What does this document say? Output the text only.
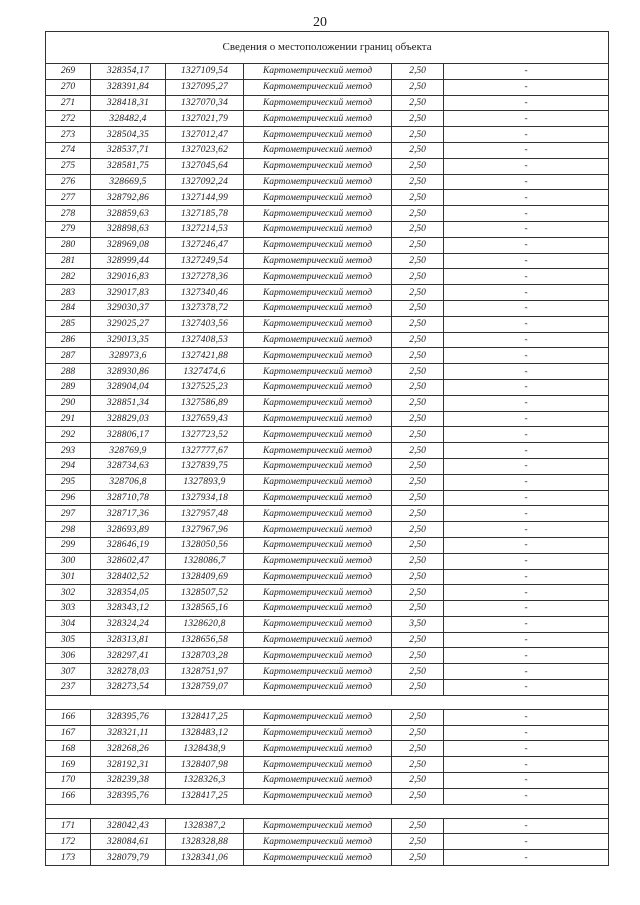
20
Сведения о местоположении границ объекта					
269	328354,17	1327109,54	Картометрический метод	2,50	-
270	328391,84	1327095,27	Картометрический метод	2,50	-
271	328418,31	1327070,34	Картометрический метод	2,50	-
272	328482,4	1327021,79	Картометрический метод	2,50	-
273	328504,35	1327012,47	Картометрический метод	2,50	-
274	328537,71	1327023,62	Картометрический метод	2,50	-
275	328581,75	1327045,64	Картометрический метод	2,50	-
276	328669,5	1327092,24	Картометрический метод	2,50	-
277	328792,86	1327144,99	Картометрический метод	2,50	-
278	328859,63	1327185,78	Картометрический метод	2,50	-
279	328898,63	1327214,53	Картометрический метод	2,50	-
280	328969,08	1327246,47	Картометрический метод	2,50	-
281	328999,44	1327249,54	Картометрический метод	2,50	-
282	329016,83	1327278,36	Картометрический метод	2,50	-
283	329017,83	1327340,46	Картометрический метод	2,50	-
284	329030,37	1327378,72	Картометрический метод	2,50	-
285	329025,27	1327403,56	Картометрический метод	2,50	-
286	329013,35	1327408,53	Картометрический метод	2,50	-
287	328973,6	1327421,88	Картометрический метод	2,50	-
288	328930,86	1327474,6	Картометрический метод	2,50	-
289	328904,04	1327525,23	Картометрический метод	2,50	-
290	328851,34	1327586,89	Картометрический метод	2,50	-
291	328829,03	1327659,43	Картометрический метод	2,50	-
292	328806,17	1327723,52	Картометрический метод	2,50	-
293	328769,9	1327777,67	Картометрический метод	2,50	-
294	328734,63	1327839,75	Картометрический метод	2,50	-
295	328706,8	1327893,9	Картометрический метод	2,50	-
296	328710,78	1327934,18	Картометрический метод	2,50	-
297	328717,36	1327957,48	Картометрический метод	2,50	-
298	328693,89	1327967,96	Картометрический метод	2,50	-
299	328646,19	1328050,56	Картометрический метод	2,50	-
300	328602,47	1328086,7	Картометрический метод	2,50	-
301	328402,52	1328409,69	Картометрический метод	2,50	-
302	328354,05	1328507,52	Картометрический метод	2,50	-
303	328343,12	1328565,16	Картометрический метод	2,50	-
304	328324,24	1328620,8	Картометрический метод	3,50	-
305	328313,81	1328656,58	Картометрический метод	2,50	-
306	328297,41	1328703,28	Картометрический метод	2,50	-
307	328278,03	1328751,97	Картометрический метод	2,50	-
237	328273,54	1328759,07	Картометрический метод	2,50	-

166	328395,76	1328417,25	Картометрический метод	2,50	-
167	328321,11	1328483,12	Картометрический метод	2,50	-
168	328268,26	1328438,9	Картометрический метод	2,50	-
169	328192,31	1328407,98	Картометрический метод	2,50	-
170	328239,38	1328326,3	Картометрический метод	2,50	-
166	328395,76	1328417,25	Картометрический метод	2,50	-

171	328042,43	1328387,2	Картометрический метод	2,50	-
172	328084,61	1328328,88	Картометрический метод	2,50	-
173	328079,79	1328341,06	Картометрический метод	2,50	-
